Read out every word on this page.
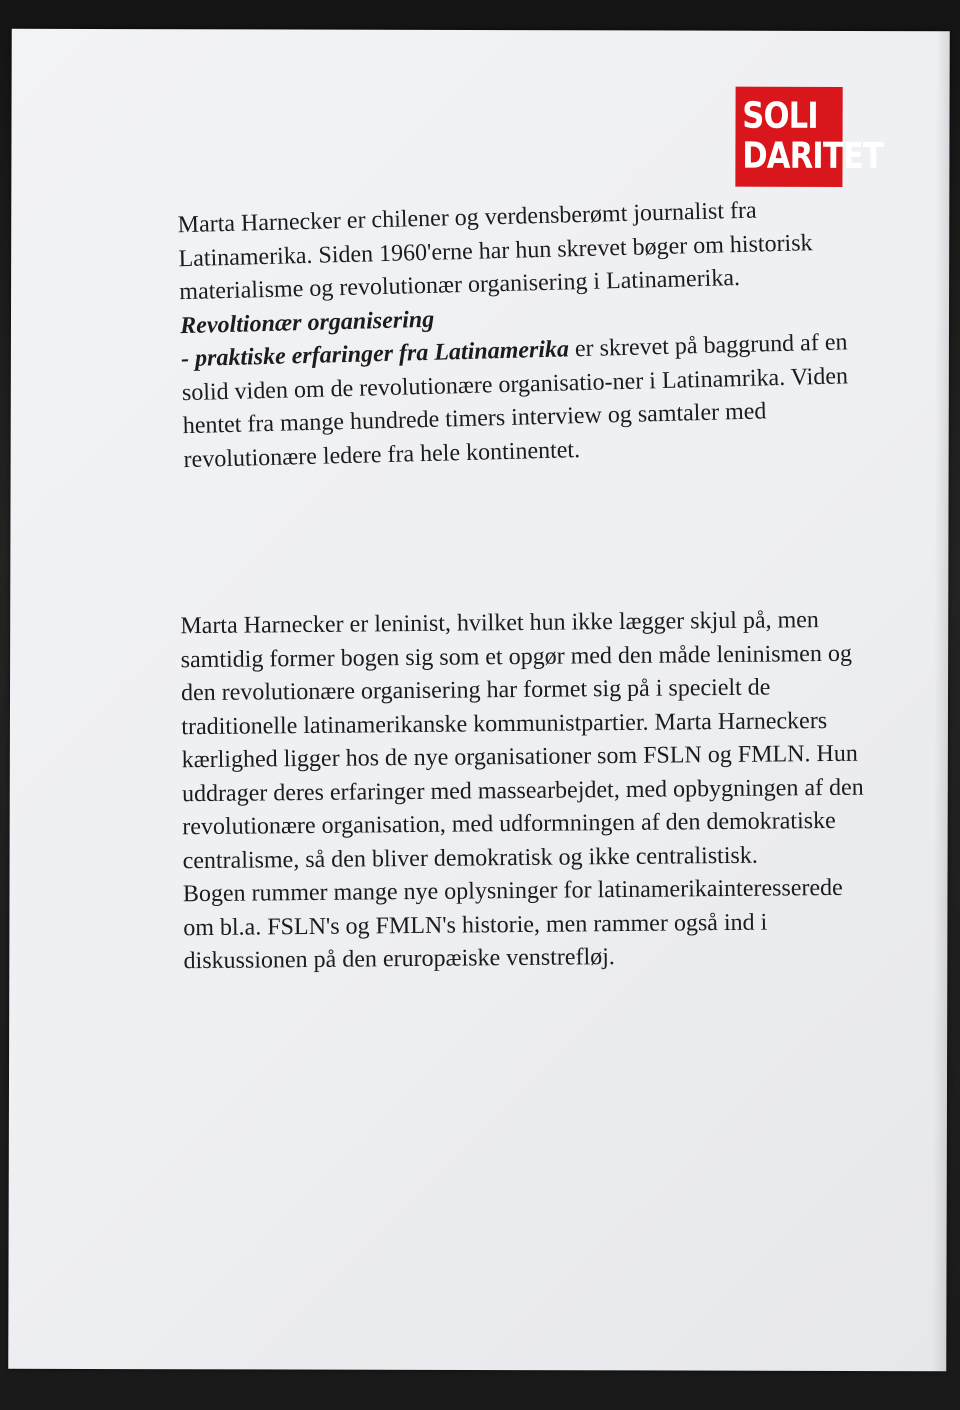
SOLI
DARITET

Marta Harnecker er chilener og verdensberømt journalist fra Latinamerika. Siden 1960'erne har hun skrevet bøger om historisk materialisme og revolutionær organisering i Latinamerika.
Revoltionær organisering
- praktiske erfaringer fra Latinamerika er skrevet på baggrund af en solid viden om de revolutionære organisatio-ner i Latinamrika. Viden hentet fra mange hundrede timers interview og samtaler med revolutionære ledere fra hele kontinentet.

Marta Harnecker er leninist, hvilket hun ikke lægger skjul på, men samtidig former bogen sig som et opgør med den måde leninismen og den revolutionære organisering har formet sig på i specielt de traditionelle latinamerikanske kommunistpartier. Marta Harneckers kærlighed ligger hos de nye organisationer som FSLN og FMLN. Hun uddrager deres erfaringer med massearbejdet, med opbygningen af den revolutionære organisation, med udformningen af den demokratiske centralisme, så den bliver demokratisk og ikke centralistisk.

Bogen rummer mange nye oplysninger for latinamerikainteresserede om bl.a. FSLN's og FMLN's historie, men rammer også ind i diskussionen på den eruropæiske venstrefløj.
